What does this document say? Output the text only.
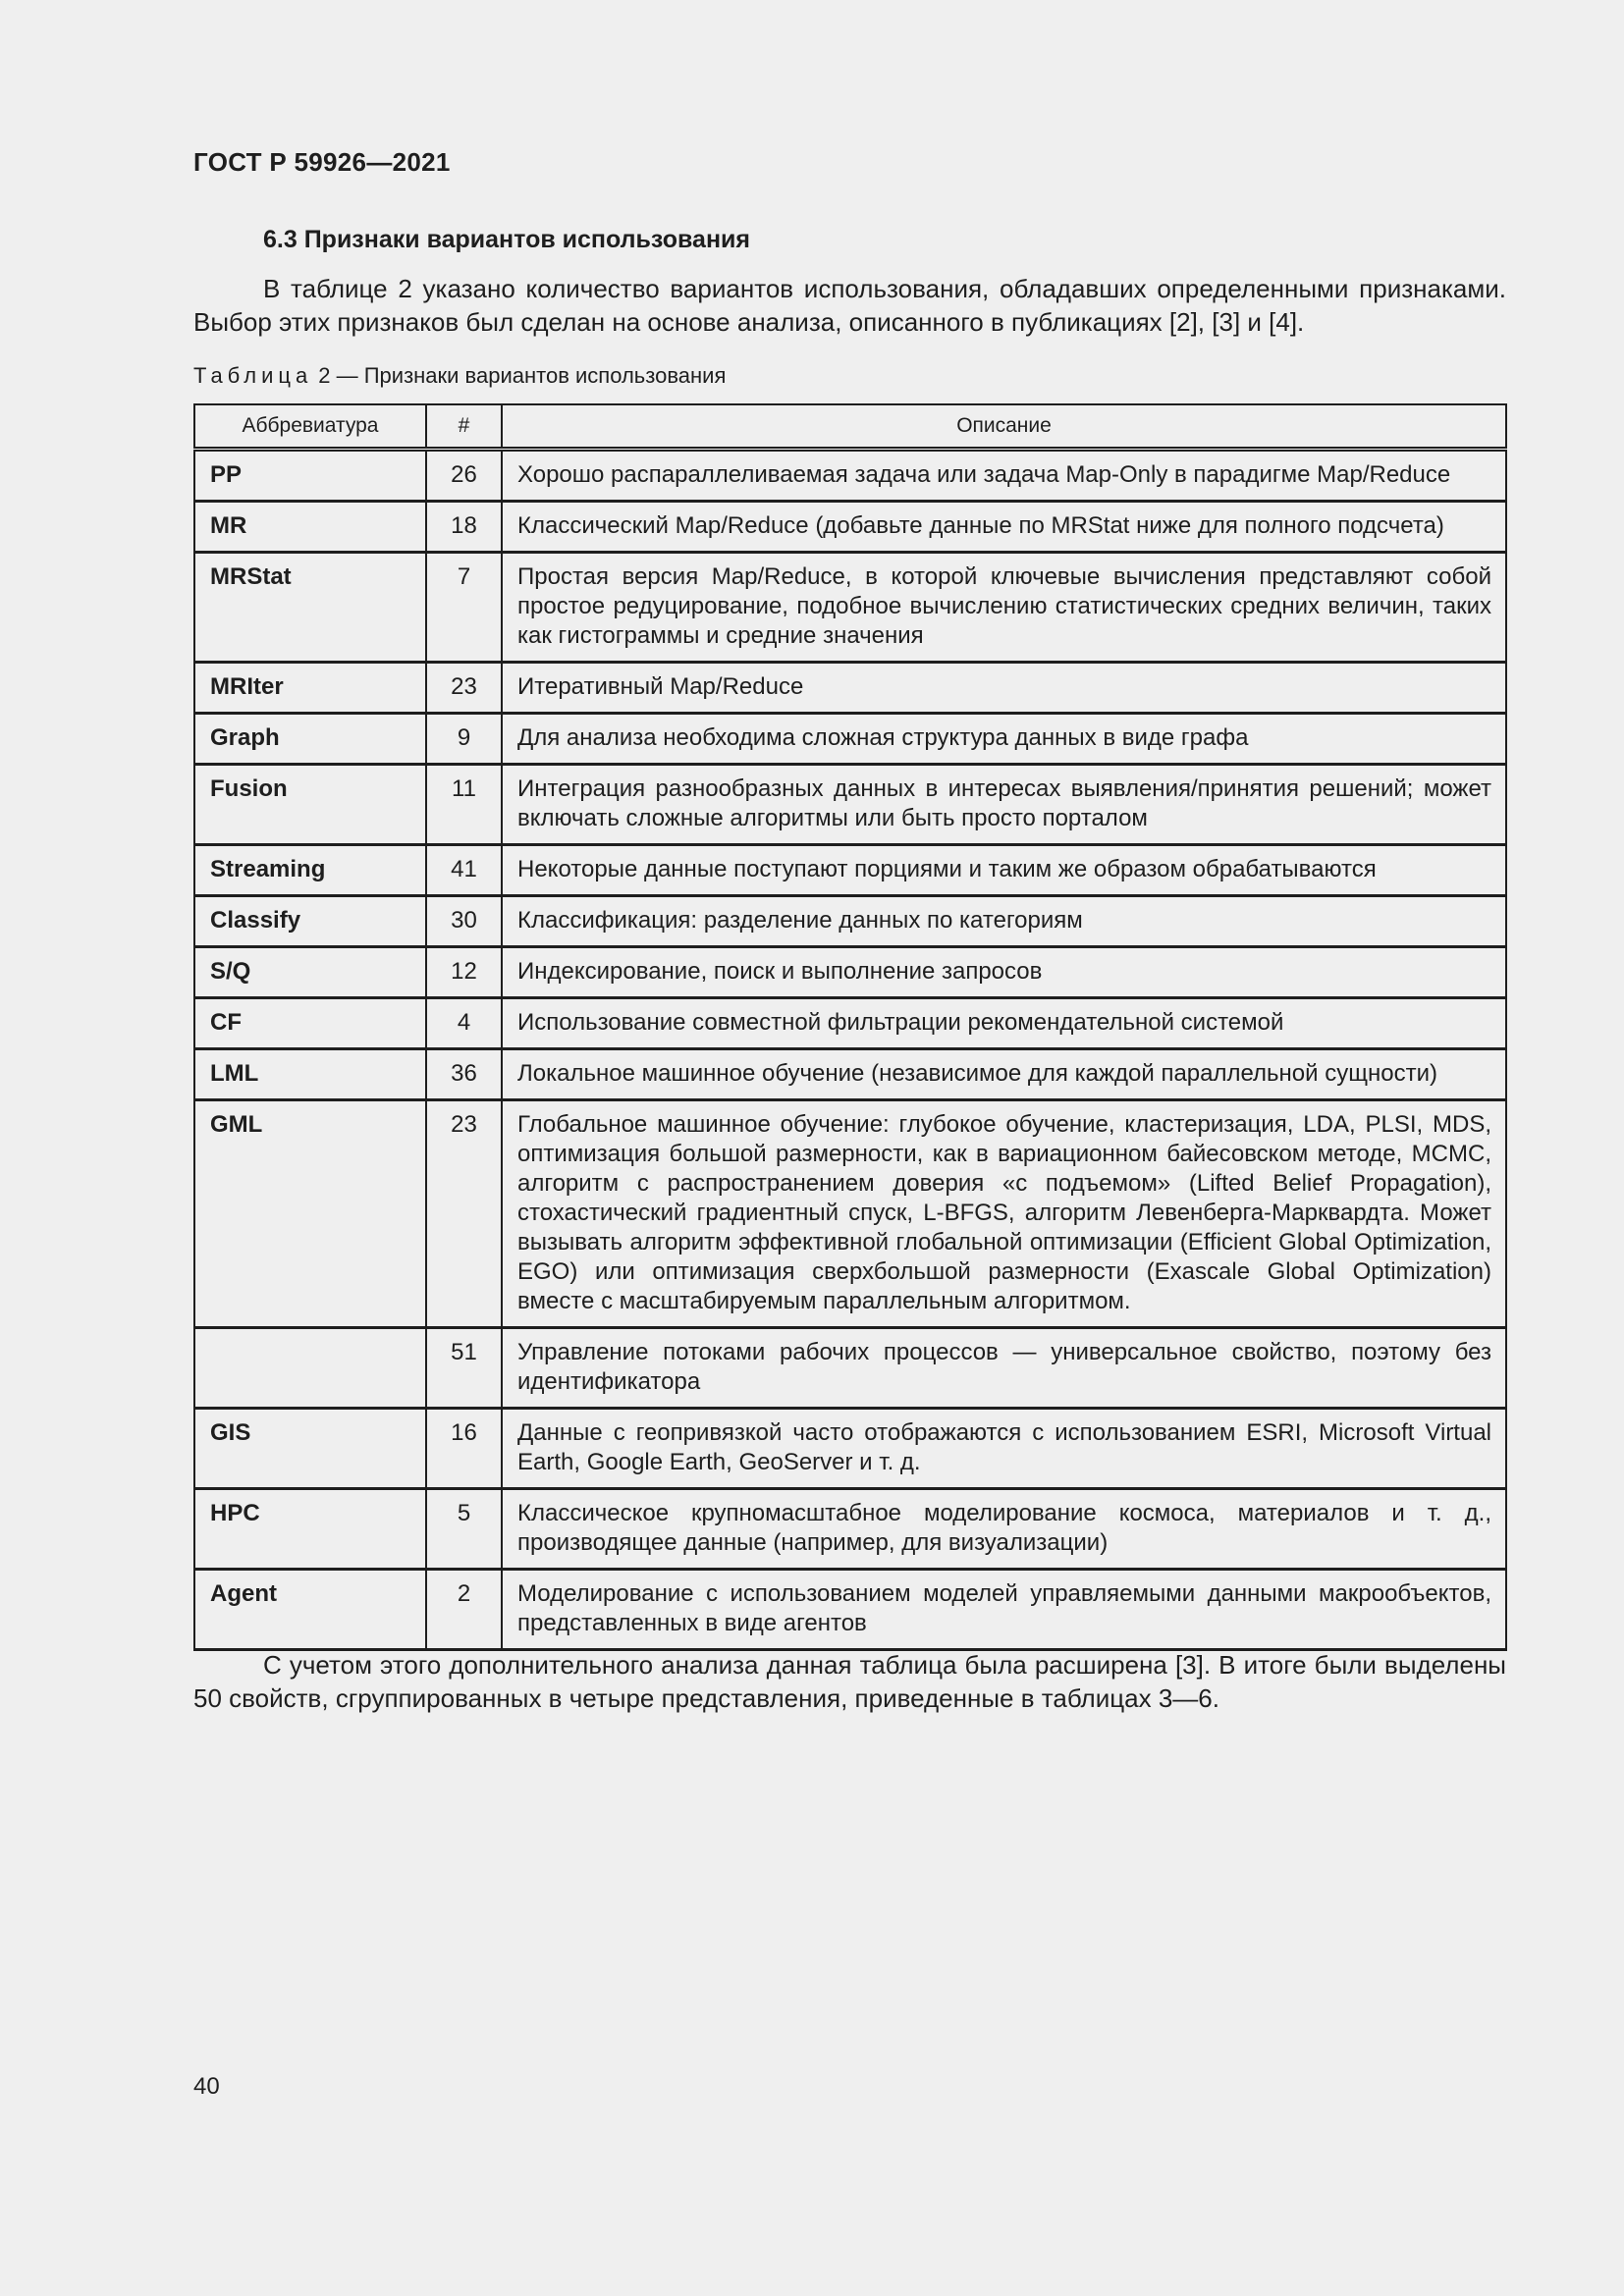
ГОСТ Р 59926—2021
6.3 Признаки вариантов использования
В таблице 2 указано количество вариантов использования, обладавших определенными признаками. Выбор этих признаков был сделан на основе анализа, описанного в публикациях [2], [3] и [4].
Таблица 2 — Признаки вариантов использования
Аббревиатура	#	Описание
PP	26	Хорошо распараллеливаемая задача или задача Map-Only в парадигме Map/Reduce
MR	18	Классический Map/Reduce (добавьте данные по MRStat ниже для полного подсчета)
MRStat	7	Простая версия Map/Reduce, в которой ключевые вычисления представляют собой простое редуцирование, подобное вычислению статистических средних величин, таких как гистограммы и средние значения
MRIter	23	Итеративный Map/Reduce
Graph	9	Для анализа необходима сложная структура данных в виде графа
Fusion	11	Интеграция разнообразных данных в интересах выявления/принятия решений; может включать сложные алгоритмы или быть просто порталом
Streaming	41	Некоторые данные поступают порциями и таким же образом обрабатываются
Classify	30	Классификация: разделение данных по категориям
S/Q	12	Индексирование, поиск и выполнение запросов
CF	4	Использование совместной фильтрации рекомендательной системой
LML	36	Локальное машинное обучение (независимое для каждой параллельной сущности)
GML	23	Глобальное машинное обучение: глубокое обучение, кластеризация, LDA, PLSI, MDS, оптимизация большой размерности, как в вариационном байесовском методе, MCMC, алгоритм с распространением доверия «с подъемом» (Lifted Belief Propagation), стохастический градиентный спуск, L-BFGS, алгоритм Левенберга-Марквардта. Может вызывать алгоритм эффективной глобальной оптимизации (Efficient Global Optimization, EGO) или оптимизация сверхбольшой размерности (Exascale Global Optimization) вместе с масштабируемым параллельным алгоритмом.
	51	Управление потоками рабочих процессов — универсальное свойство, поэтому без идентификатора
GIS	16	Данные с геопривязкой часто отображаются с использованием ESRI, Microsoft Virtual Earth, Google Earth, GeoServer и т. д.
HPC	5	Классическое крупномасштабное моделирование космоса, материалов и т. д., производящее данные (например, для визуализации)
Agent	2	Моделирование с использованием моделей управляемыми данными макрообъектов, представленных в виде агентов
С учетом этого дополнительного анализа данная таблица была расширена [3]. В итоге были выделены 50 свойств, сгруппированных в четыре представления, приведенные в таблицах 3—6.
40
